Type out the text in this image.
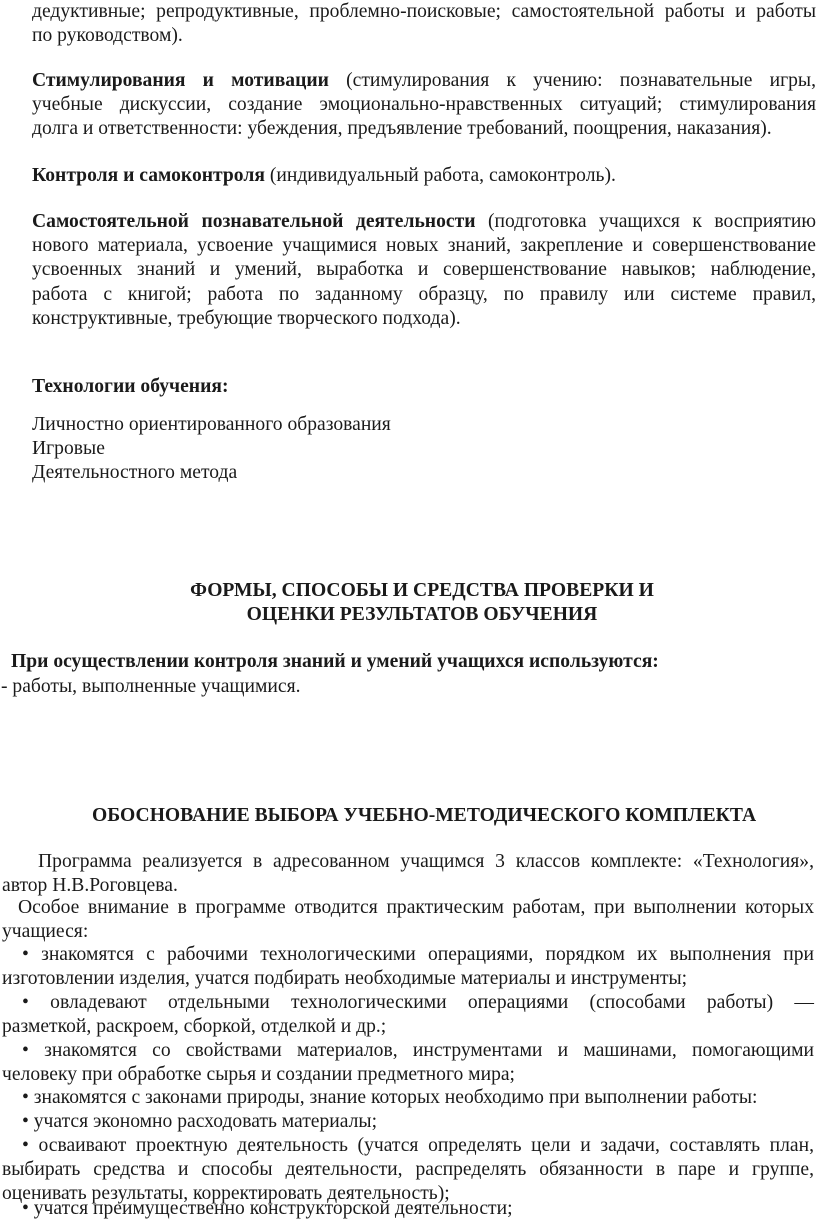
дедуктивные; репродуктивные, проблемно-поисковые; самостоятельной работы и работы
по руководством).
Стимулирования и мотивации (стимулирования к учению: познавательные игры,
учебные дискуссии, создание эмоционально-нравственных ситуаций; стимулирования
долга и ответственности: убеждения, предъявление требований, поощрения, наказания).
Контроля и самоконтроля (индивидуальный работа, самоконтроль).
Самостоятельной познавательной деятельности (подготовка учащихся к восприятию
нового материала, усвоение учащимися новых знаний, закрепление и совершенствование
усвоенных знаний и умений, выработка и совершенствование навыков; наблюдение,
работа с книгой; работа по заданному образцу, по правилу или системе правил,
конструктивные, требующие творческого подхода).
Технологии обучения:
Личностно ориентированного образования
Игровые
Деятельностного метода
ФОРМЫ, СПОСОБЫ И СРЕДСТВА ПРОВЕРКИ И
ОЦЕНКИ РЕЗУЛЬТАТОВ ОБУЧЕНИЯ
При осуществлении контроля знаний и умений учащихся используются:
- работы, выполненные учащимися.
ОБОСНОВАНИЕ ВЫБОРА УЧЕБНО-МЕТОДИЧЕСКОГО КОМПЛЕКТА
Программа реализуется в адресованном учащимся 3 классов комплекте: «Технология»,
автор Н.В.Роговцева.
Особое внимание в программе отводится практическим работам, при выполнении которых
учащиеся:
• знакомятся с рабочими технологическими операциями, порядком их выполнения при
изготовлении изделия, учатся подбирать необходимые материалы и инструменты;
• овладевают отдельными технологическими операциями (способами работы) —
разметкой, раскроем, сборкой, отделкой и др.;
• знакомятся со свойствами материалов, инструментами и машинами, помогающими
человеку при обработке сырья и создании предметного мира;
• знакомятся с законами природы, знание которых необходимо при выполнении работы:
• учатся экономно расходовать материалы;
• осваивают проектную деятельность (учатся определять цели и задачи, составлять план,
выбирать средства и способы деятельности, распределять обязанности в паре и группе,
оценивать результаты, корректировать деятельность);
• учатся преимущественно конструкторской деятельности;
